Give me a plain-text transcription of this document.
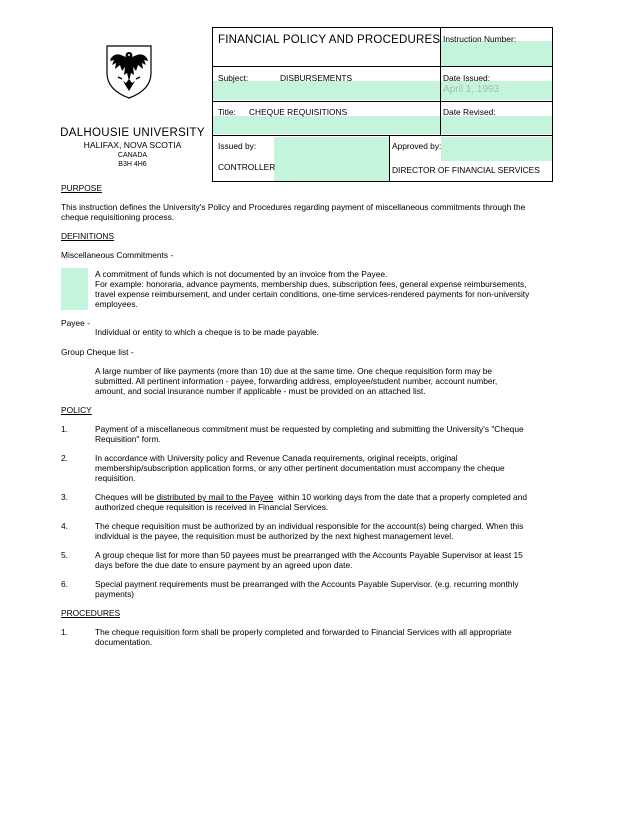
DALHOUSIE UNIVERSITY
HALIFAX, NOVA SCOTIA
CANADA
B3H 4H6
FINANCIAL POLICY AND PROCEDURES Instruction Number:
Subject:	DISBURSEMENTS	Date Issued:
April 1, 1993
Title: CHEQUE REQUISITIONS	Date Revised:
Issued by:
CONTROLLER
Approved by:
DIRECTOR OF FINANCIAL SERVICES
PURPOSE
This instruction defines the University's Policy and Procedures regarding payment of miscellaneous commitments through the
cheque requisitioning process.
DEFINITIONS
Miscellaneous Commitments -
A commitment of funds which is not documented by an invoice from the Payee.
For example: honoraria, advance payments, membership dues, subscription fees, general expense reimbursements,
travel expense reimbursement, and under certain conditions, one-time services-rendered payments for non-university
employees.
Payee -
Individual or entity to which a cheque is to be made payable.
Group Cheque list -
A large number of like payments (more than 10) due at the same time. One cheque requisition form may be
submitted. All pertinent information - payee, forwarding address, employee/student number, account number,
amount, and social insurance number if applicable - must be provided on an attached list.
POLICY
1.	Payment of a miscellaneous commitment must be requested by completing and submitting the University's "Cheque
Requisition" form.
2.	In accordance with University policy and Revenue Canada requirements, original receipts, original
membership/subscription application forms, or any other pertinent documentation must accompany the cheque
requisition.
3.	Cheques will be distributed by mail to the Payee  within 10 working days from the date that a properly completed and
authorized cheque requisition is received in Financial Services.
4.	The cheque requisition must be authorized by an individual responsible for the account(s) being charged. When this
individual is the payee, the requisition must be authorized by the next highest management level.
5.	A group cheque list for more than 50 payees must be prearranged with the Accounts Payable Supervisor at least 15
days before the due date to ensure payment by an agreed upon date.
6.	Special payment requirements must be prearranged with the Accounts Payable Supervisor. (e.g. recurring monthly
payments)
PROCEDURES
1.	The cheque requisition form shall be properly completed and forwarded to Financial Services with all appropriate
documentation.
